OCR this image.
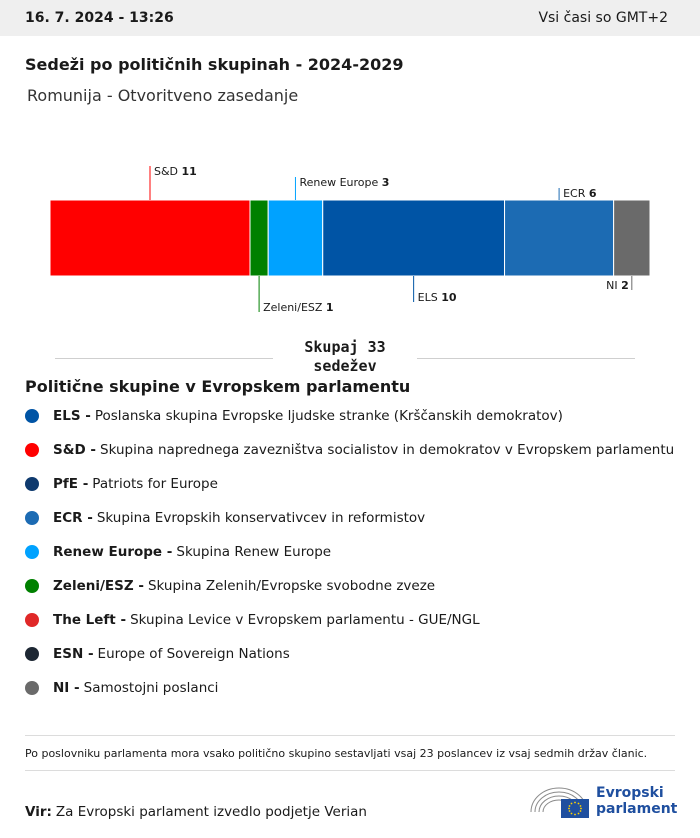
16. 7. 2024 - 13:26	Vsi časi so GMT+2
Sedeži po političnih skupinah - 2024-2029
Romunija - Otvoritveno zasedanje
S&D 11
Zeleni/ESZ 1
Renew Europe 3
ELS 10
ECR 6
NI 2
Skupaj 33
sedežev
Politične skupine v Evropskem parlamentu
ELS - Poslanska skupina Evropske ljudske stranke (Krščanskih demokratov)
S&D - Skupina naprednega zavezništva socialistov in demokratov v Evropskem parlamentu
PfE - Patriots for Europe
ECR - Skupina Evropskih konservativcev in reformistov
Renew Europe - Skupina Renew Europe
Zeleni/ESZ - Skupina Zelenih/Evropske svobodne zveze
The Left - Skupina Levice v Evropskem parlamentu - GUE/NGL
ESN - Europe of Sovereign Nations
NI - Samostojni poslanci
Po poslovniku parlamenta mora vsako politično skupino sestavljati vsaj 23 poslancev iz vsaj sedmih držav članic.
Vir: Za Evropski parlament izvedlo podjetje Verian
Evropski
parlament
